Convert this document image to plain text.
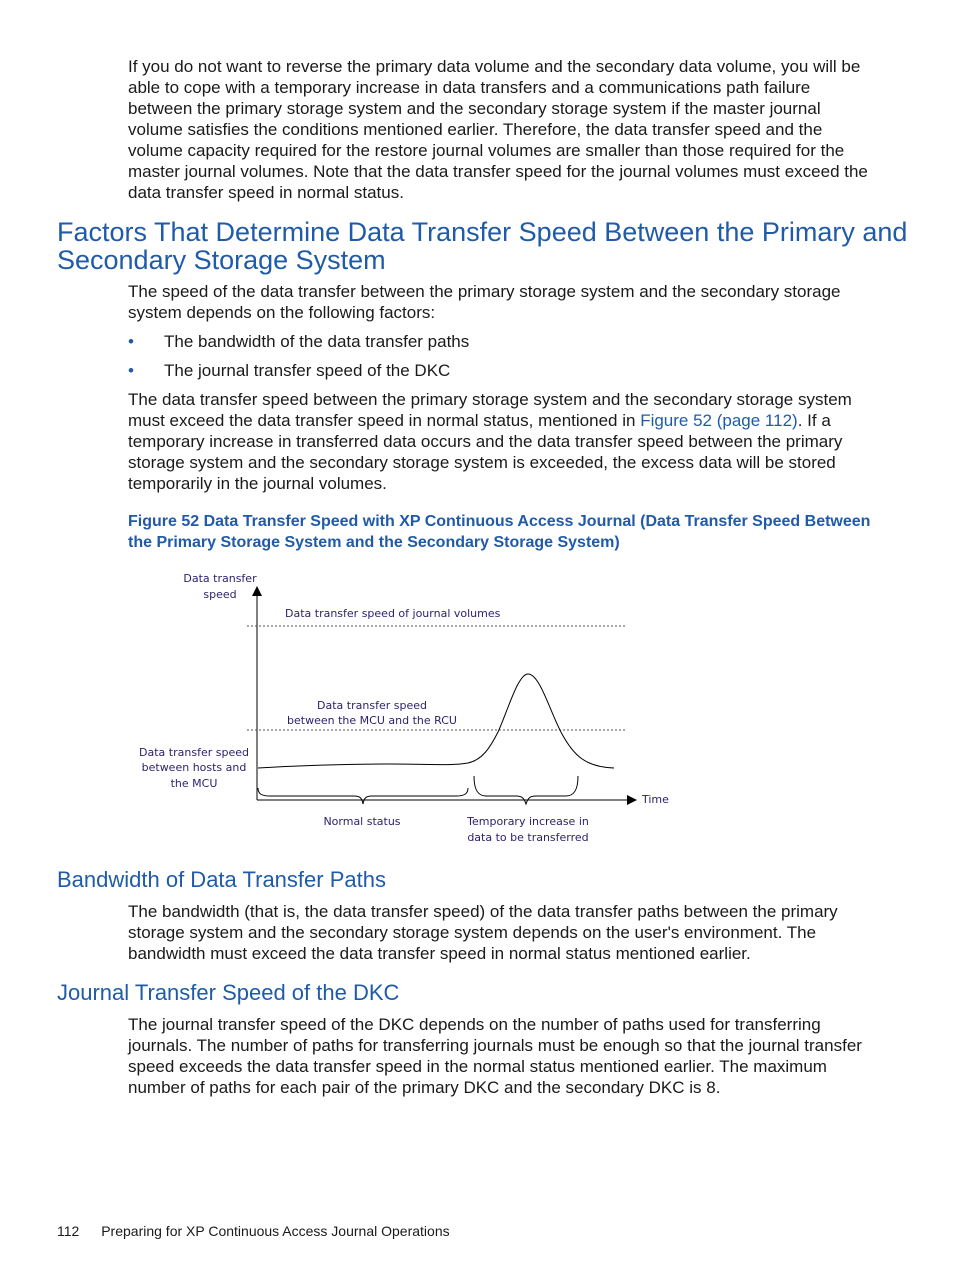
If you do not want to reverse the primary data volume and the secondary data volume, you will be able to cope with a temporary increase in data transfers and a communications path failure between the primary storage system and the secondary storage system if the master journal volume satisfies the conditions mentioned earlier. Therefore, the data transfer speed and the volume capacity required for the restore journal volumes are smaller than those required for the master journal volumes. Note that the data transfer speed for the journal volumes must exceed the data transfer speed in normal status.

Factors That Determine Data Transfer Speed Between the Primary and Secondary Storage System

The speed of the data transfer between the primary storage system and the secondary storage system depends on the following factors:

• The bandwidth of the data transfer paths
• The journal transfer speed of the DKC

The data transfer speed between the primary storage system and the secondary storage system must exceed the data transfer speed in normal status, mentioned in Figure 52 (page 112). If a temporary increase in transferred data occurs and the data transfer speed between the primary storage system and the secondary storage system is exceeded, the excess data will be stored temporarily in the journal volumes.

Figure 52 Data Transfer Speed with XP Continuous Access Journal (Data Transfer Speed Between the Primary Storage System and the Secondary Storage System)

Data transfer
speed
Data transfer speed of journal volumes
Data transfer speed
between the MCU and the RCU
Data transfer speed
between hosts and
the MCU
Time
Normal status	Temporary increase in
data to be transferred
Bandwidth of Data Transfer Paths

The bandwidth (that is, the data transfer speed) of the data transfer paths between the primary storage system and the secondary storage system depends on the user's environment. The bandwidth must exceed the data transfer speed in normal status mentioned earlier.

Journal Transfer Speed of the DKC

The journal transfer speed of the DKC depends on the number of paths used for transferring journals. The number of paths for transferring journals must be enough so that the journal transfer speed exceeds the data transfer speed in the normal status mentioned earlier. The maximum number of paths for each pair of the primary DKC and the secondary DKC is 8.

112 Preparing for XP Continuous Access Journal Operations
